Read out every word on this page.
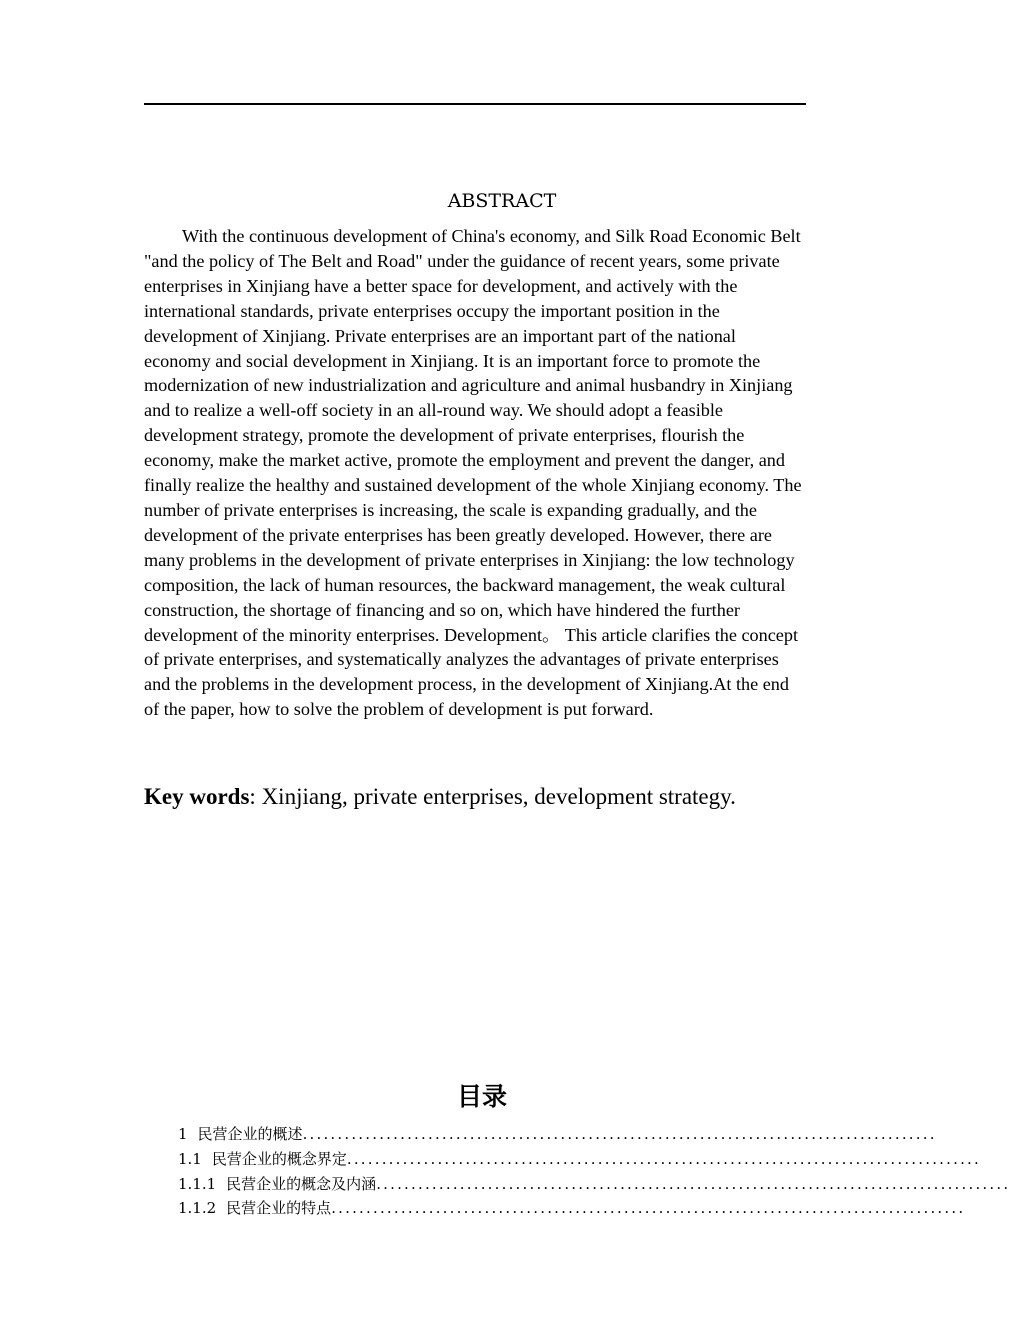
ABSTRACT

With the continuous development of China's economy, and Silk Road Economic Belt "and the policy of The Belt and Road" under the guidance of recent years, some private enterprises in Xinjiang have a better space for development, and actively with the international standards, private enterprises occupy the important position in the development of Xinjiang. Private enterprises are an important part of the national economy and social development in Xinjiang. It is an important force to promote the modernization of new industrialization and agriculture and animal husbandry in Xinjiang and to realize a well-off society in an all-round way. We should adopt a feasible development strategy, promote the development of private enterprises, flourish the economy, make the market active, promote the employment and prevent the danger, and finally realize the healthy and sustained development of the whole Xinjiang economy. The number of private enterprises is increasing, the scale is expanding gradually, and the development of the private enterprises has been greatly developed. However, there are many problems in the development of private enterprises in Xinjiang: the low technology composition, the lack of human resources, the backward management, the weak cultural construction, the shortage of financing and so on, which have hindered the further development of the minority enterprises. Development。 This article clarifies the concept of private enterprises, and systematically analyzes the advantages of private enterprises and the problems in the development process, in the development of Xinjiang.At the end of the paper, how to solve the problem of development is put forward.

Key words: Xinjiang, private enterprises, development strategy.

目录
1 民营企业的概述 ...........................................................................................
1.1 民营企业的概念界定 ...........................................................................................
1.1.1 民营企业的概念及内涵 ...........................................................................................
1.1.2 民营企业的特点 ...........................................................................................
